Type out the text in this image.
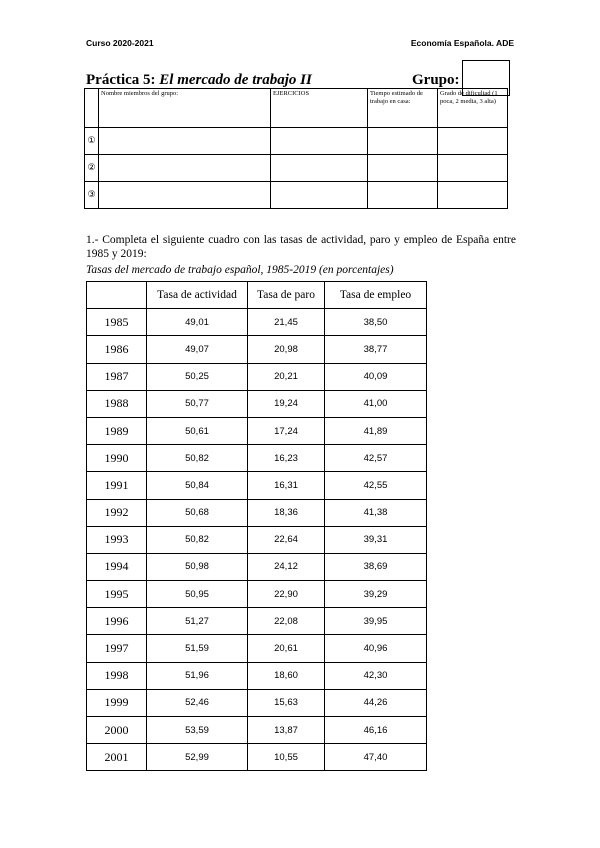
Curso 2020-2021	Economía Española. ADE
Práctica 5: El mercado de trabajo II	Grupo:
	Nombre miembros del grupo:	EJERCICIOS	Tiempo estimado de trabajo en casa:	Grado de dificultad (1 poca, 2 media, 3 alta)
①				
②				
③				
1.- Completa el siguiente cuadro con las tasas de actividad, paro y empleo de España entre 1985 y 2019:
Tasas del mercado de trabajo español, 1985-2019 (en porcentajes)
	Tasa de actividad	Tasa de paro	Tasa de empleo
1985	49,01	21,45	38,50
1986	49,07	20,98	38,77
1987	50,25	20,21	40,09
1988	50,77	19,24	41,00
1989	50,61	17,24	41,89
1990	50,82	16,23	42,57
1991	50,84	16,31	42,55
1992	50,68	18,36	41,38
1993	50,82	22,64	39,31
1994	50,98	24,12	38,69
1995	50,95	22,90	39,29
1996	51,27	22,08	39,95
1997	51,59	20,61	40,96
1998	51,96	18,60	42,30
1999	52,46	15,63	44,26
2000	53,59	13,87	46,16
2001	52,99	10,55	47,40
